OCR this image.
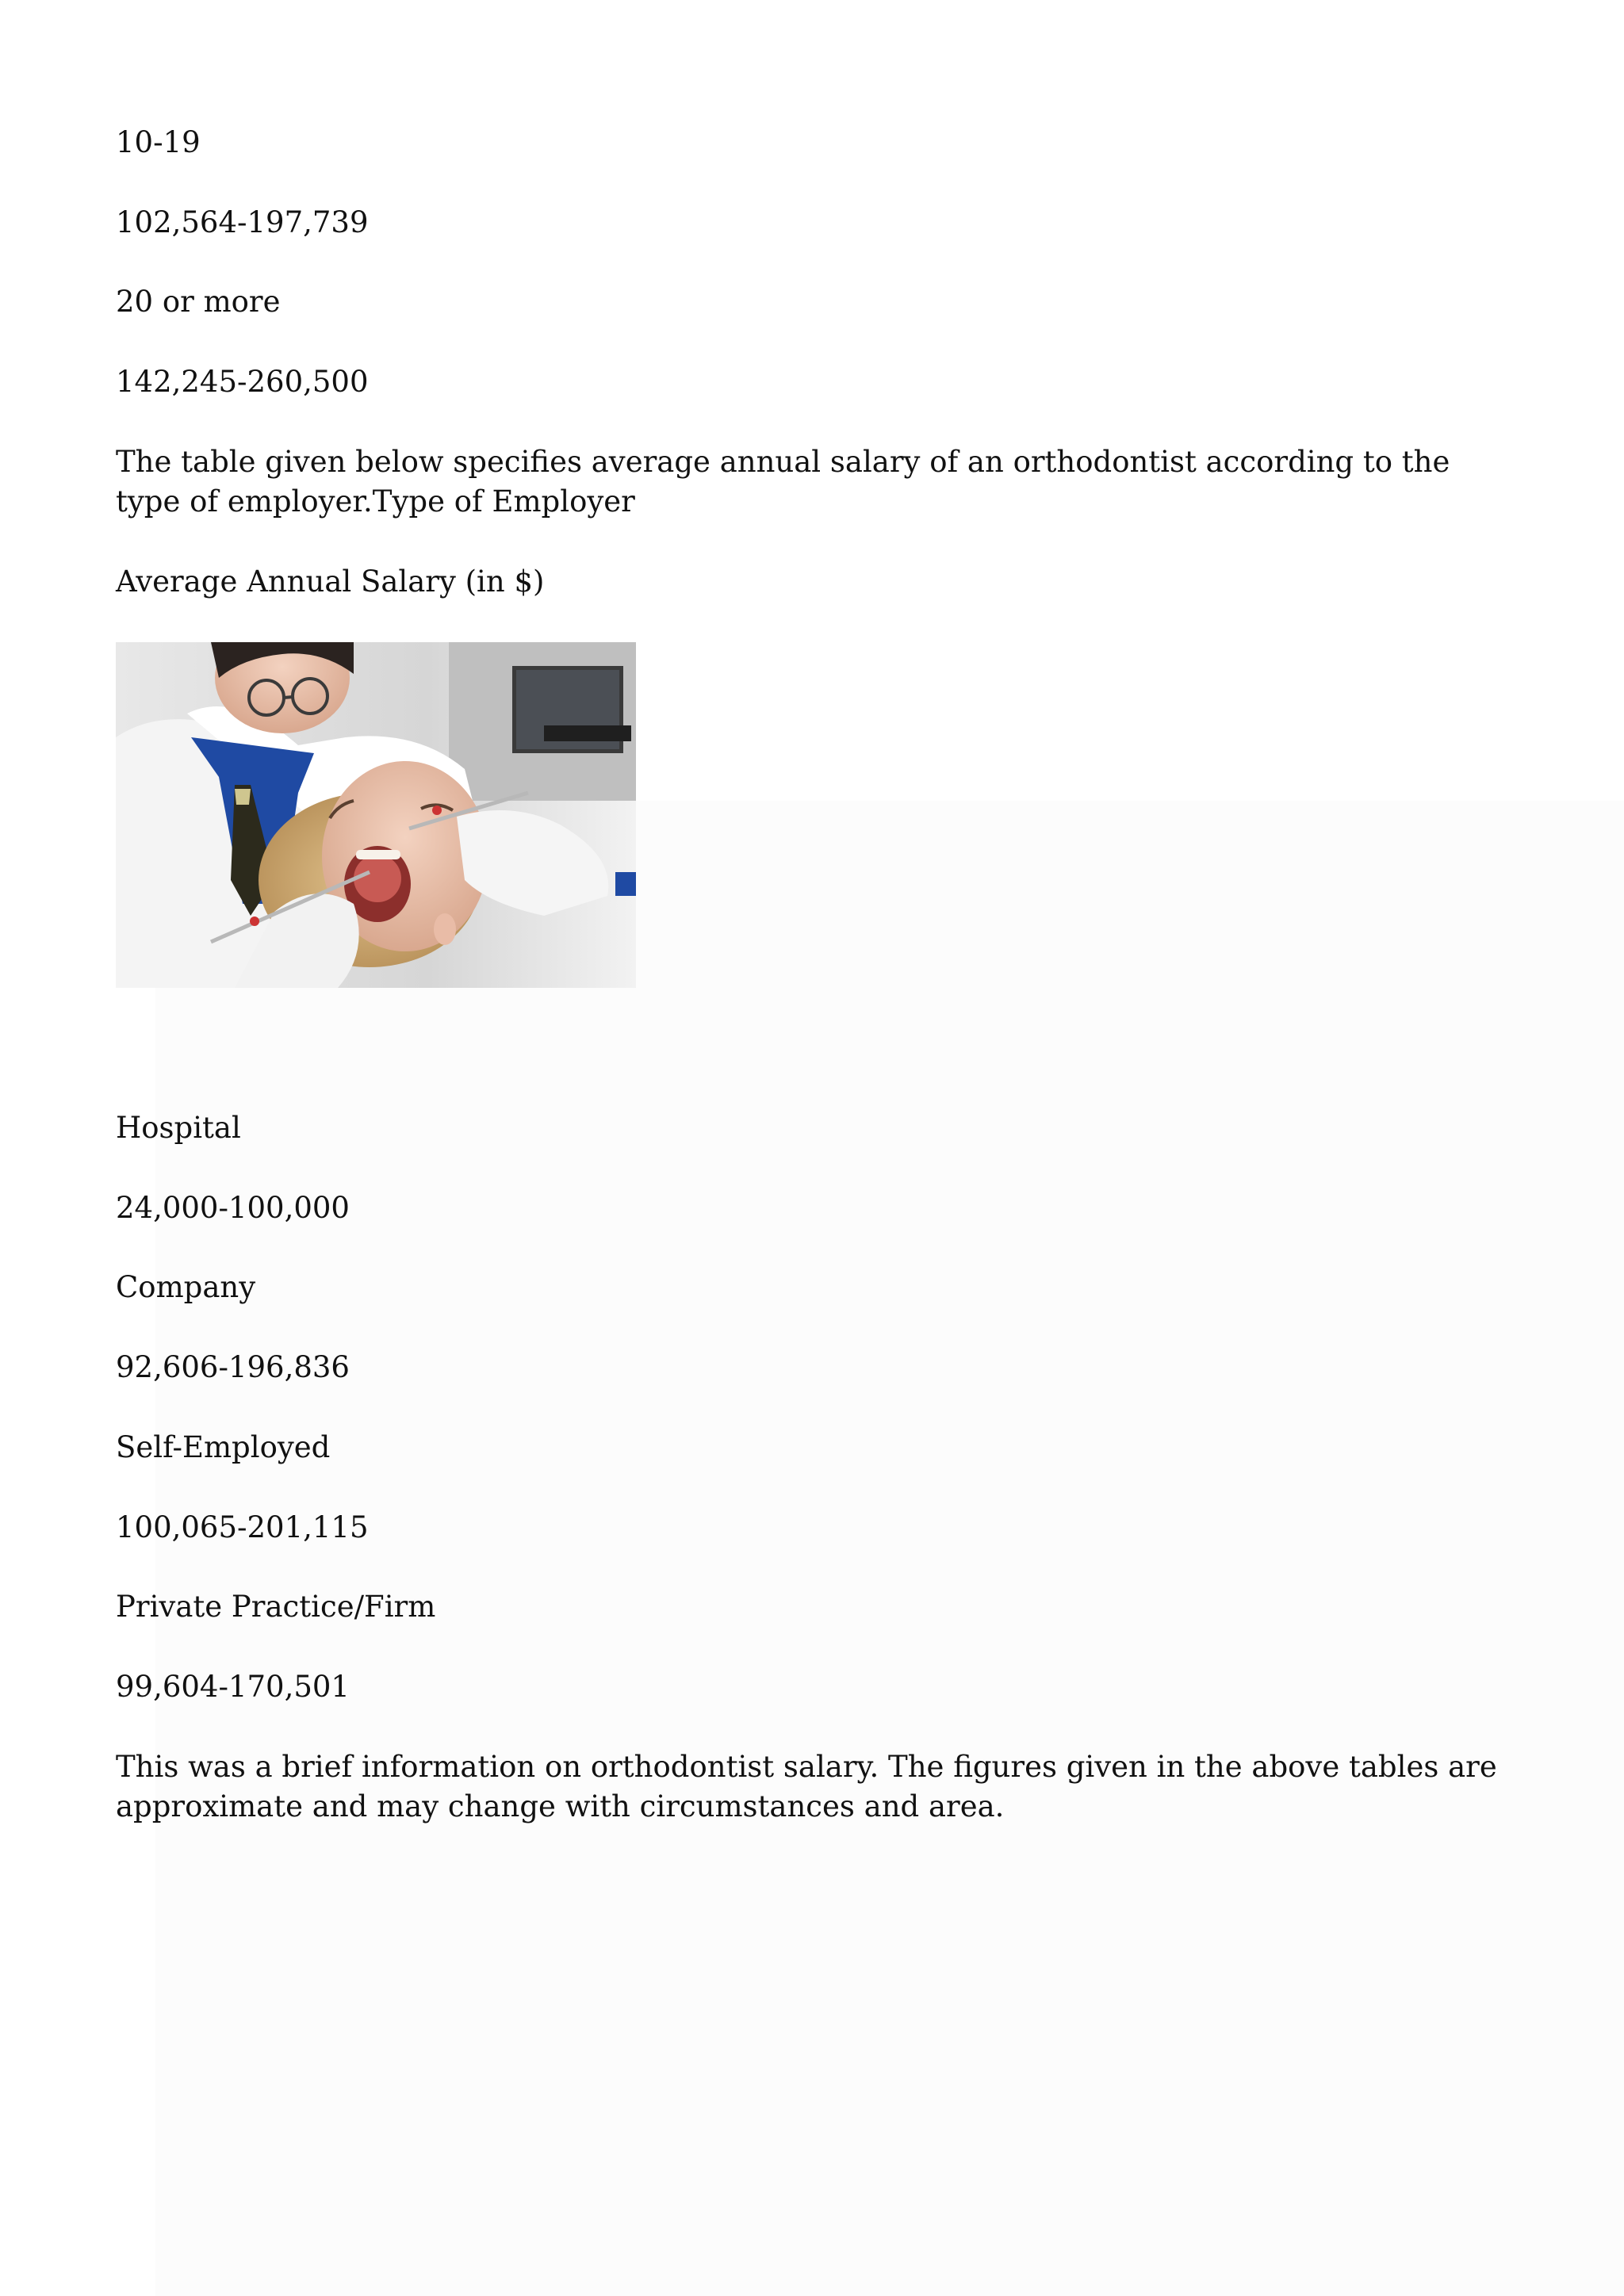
10-19

102,564-197,739

20 or more

142,245-260,500

The table given below specifies average annual salary of an orthodontist according to the type of employer.Type of Employer

Average Annual Salary (in $)

Hospital

24,000-100,000

Company

92,606-196,836

Self-Employed

100,065-201,115

Private Practice/Firm

99,604-170,501

This was a brief information on orthodontist salary. The figures given in the above tables are approximate and may change with circumstances and area.
